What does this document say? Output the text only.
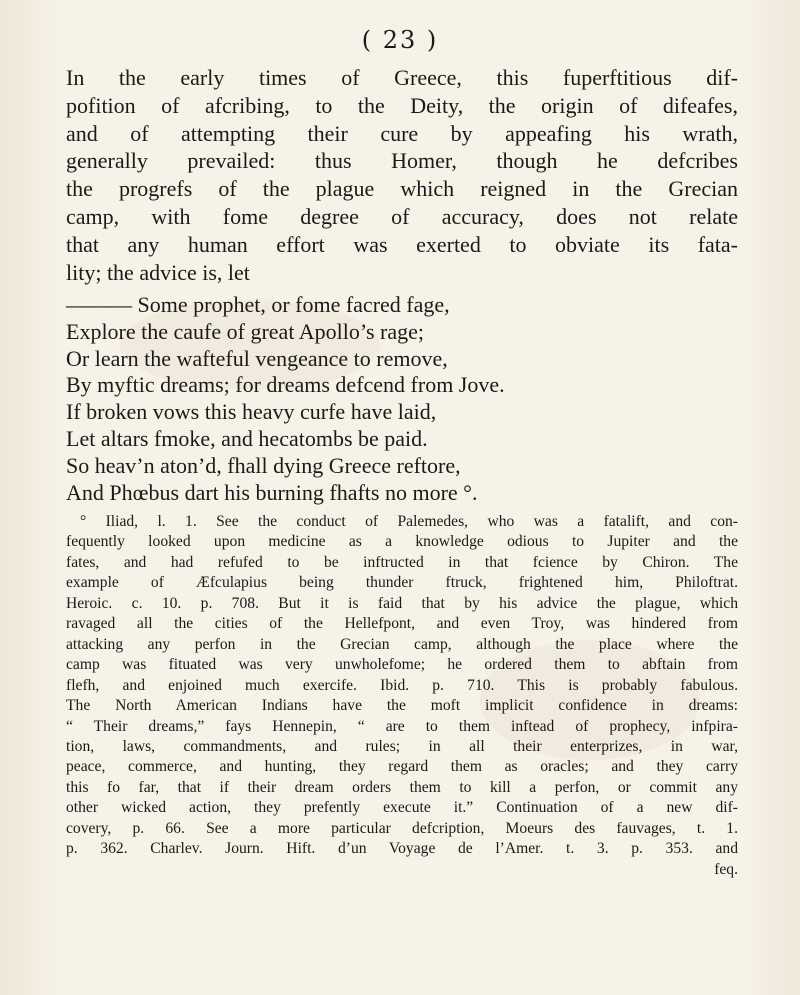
( 23 )
In the early times of Greece, this fuperftitious dif-
pofition of afcribing, to the Deity, the origin of difeafes,
and of attempting their cure by appeafing his wrath,
generally prevailed: thus Homer, though he defcribes
the progrefs of the plague which reigned in the Grecian
camp, with fome degree of accuracy, does not relate
that any human effort was exerted to obviate its fata-
lity; the advice is, let
——— Some prophet, or fome facred fage,
Explore the caufe of great Apollo’s rage;
Or learn the wafteful vengeance to remove,
By myftic dreams; for dreams defcend from Jove.
If broken vows this heavy curfe have laid,
Let altars fmoke, and hecatombs be paid.
So heav’n aton’d, fhall dying Greece reftore,
And Phœbus dart his burning fhafts no more °.
° Iliad, l. 1. See the conduct of Palemedes, who was a fatalift, and con-
fequently looked upon medicine as a knowledge odious to Jupiter and the
fates, and had refufed to be inftructed in that fcience by Chiron. The
example of Æfculapius being thunder ftruck, frightened him, Philoftrat.
Heroic. c. 10. p. 708. But it is faid that by his advice the plague, which
ravaged all the cities of the Hellefpont, and even Troy, was hindered from
attacking any perfon in the Grecian camp, although the place where the
camp was fituated was very unwholefome; he ordered them to abftain from
flefh, and enjoined much exercife. Ibid. p. 710. This is probably fabulous.
The North American Indians have the moft implicit confidence in dreams:
“ Their dreams,” fays Hennepin, “ are to them inftead of prophecy, infpira-
tion, laws, commandments, and rules; in all their enterprizes, in war,
peace, commerce, and hunting, they regard them as oracles; and they carry
this fo far, that if their dream orders them to kill a perfon, or commit any
other wicked action, they prefently execute it.” Continuation of a new dif-
covery, p. 66. See a more particular defcription, Moeurs des fauvages, t. 1.
p. 362. Charlev. Journ. Hift. d’un Voyage de l’Amer. t. 3. p. 353. and
feq.
